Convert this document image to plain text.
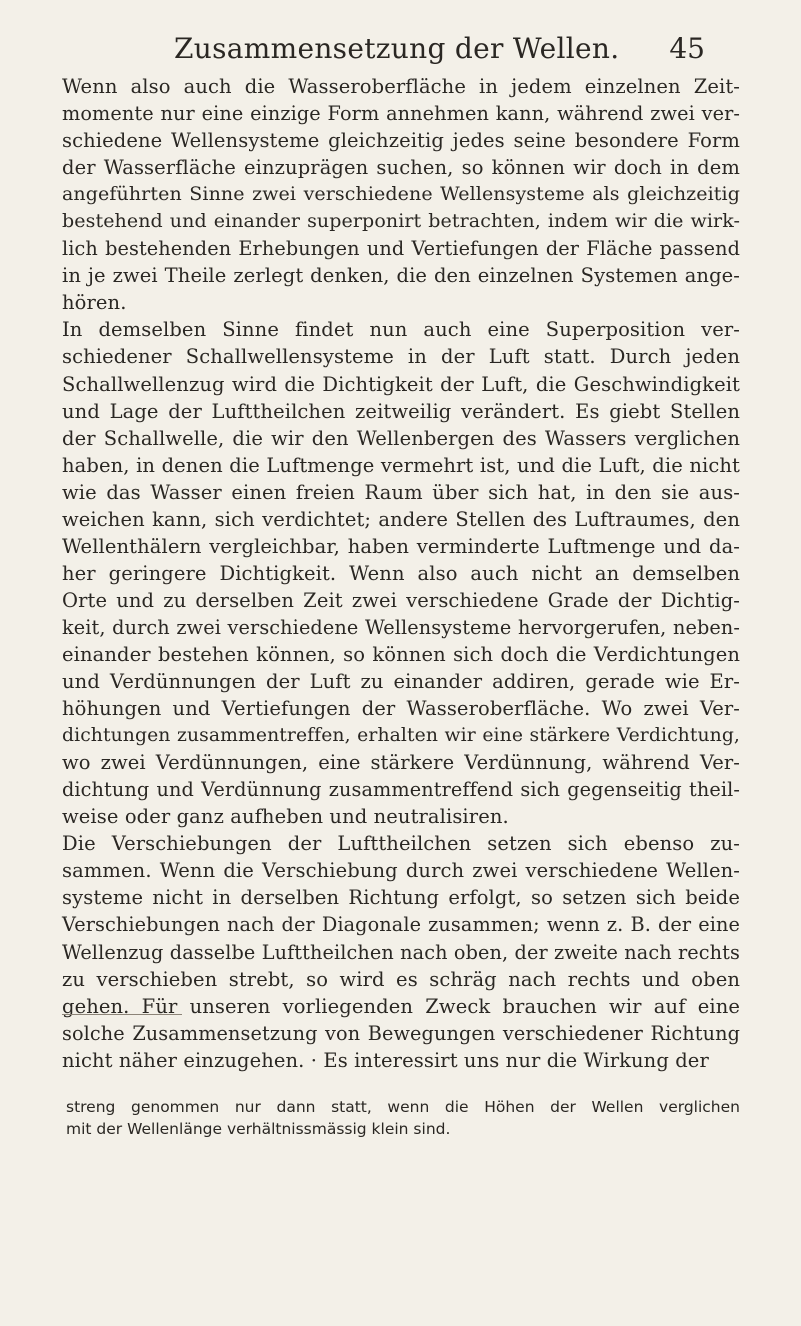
Zusammensetzung der Wellen. 45
Wenn also auch die Wasseroberfläche in jedem einzelnen Zeit-
momente nur eine einzige Form annehmen kann, während zwei ver-
schiedene Wellensysteme gleichzeitig jedes seine besondere Form
der Wasserfläche einzuprägen suchen, so können wir doch in dem
angeführten Sinne zwei verschiedene Wellensysteme als gleichzeitig
bestehend und einander superponirt betrachten, indem wir die wirk-
lich bestehenden Erhebungen und Vertiefungen der Fläche passend
in je zwei Theile zerlegt denken, die den einzelnen Systemen ange-
hören.
In demselben Sinne findet nun auch eine Superposition ver-
schiedener Schallwellensysteme in der Luft statt. Durch jeden
Schallwellenzug wird die Dichtigkeit der Luft, die Geschwindigkeit
und Lage der Lufttheilchen zeitweilig verändert. Es giebt Stellen
der Schallwelle, die wir den Wellenbergen des Wassers verglichen
haben, in denen die Luftmenge vermehrt ist, und die Luft, die nicht
wie das Wasser einen freien Raum über sich hat, in den sie aus-
weichen kann, sich verdichtet; andere Stellen des Luftraumes, den
Wellenthälern vergleichbar, haben verminderte Luftmenge und da-
her geringere Dichtigkeit. Wenn also auch nicht an demselben
Orte und zu derselben Zeit zwei verschiedene Grade der Dichtig-
keit, durch zwei verschiedene Wellensysteme hervorgerufen, neben-
einander bestehen können, so können sich doch die Verdichtungen
und Verdünnungen der Luft zu einander addiren, gerade wie Er-
höhungen und Vertiefungen der Wasseroberfläche. Wo zwei Ver-
dichtungen zusammentreffen, erhalten wir eine stärkere Verdichtung,
wo zwei Verdünnungen, eine stärkere Verdünnung, während Ver-
dichtung und Verdünnung zusammentreffend sich gegenseitig theil-
weise oder ganz aufheben und neutralisiren.
Die Verschiebungen der Lufttheilchen setzen sich ebenso zu-
sammen. Wenn die Verschiebung durch zwei verschiedene Wellen-
systeme nicht in derselben Richtung erfolgt, so setzen sich beide
Verschiebungen nach der Diagonale zusammen; wenn z. B. der eine
Wellenzug dasselbe Lufttheilchen nach oben, der zweite nach rechts
zu verschieben strebt, so wird es schräg nach rechts und oben
gehen. Für unseren vorliegenden Zweck brauchen wir auf eine
solche Zusammensetzung von Bewegungen verschiedener Richtung
nicht näher einzugehen. · Es interessirt uns nur die Wirkung der
streng genommen nur dann statt, wenn die Höhen der Wellen verglichen
mit der Wellenlänge verhältnissmässig klein sind.
